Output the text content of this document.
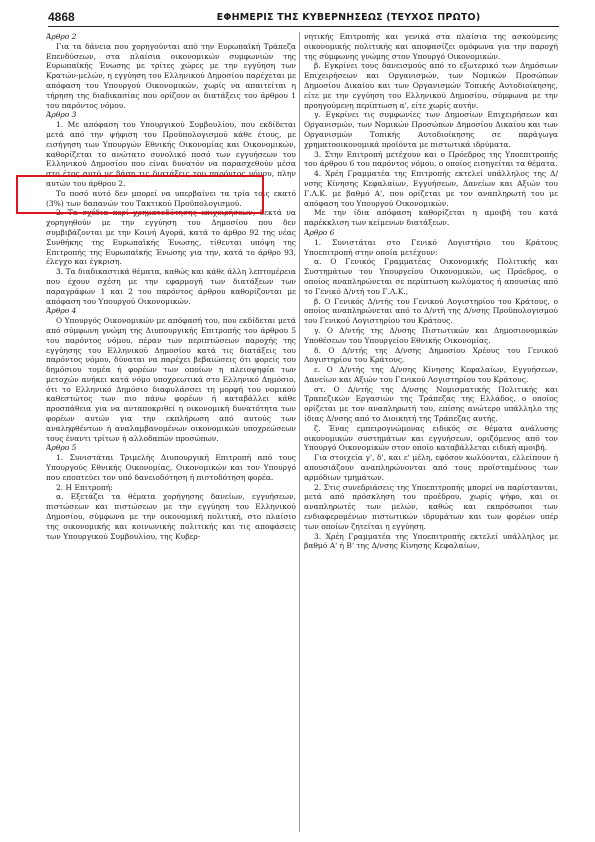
4868	ΕΦΗΜΕΡΙΣ ΤΗΣ ΚΥΒΕΡΝΗΣΕΩΣ (ΤΕΥΧΟΣ ΠΡΩΤΟ)

Άρθρο 2

Για τα δάνεια που χορηγούνται από την Ευρωπαϊκή Τράπεζα Επενδύσεων, στα πλαίσια οικονομικών συμφωνιών της Ευρωπαϊκής Ένωσης με τρίτες χώρες με την εγγύηση των Κρατών-μελών, η εγγύηση του Ελληνικού Δημοσίου παρέχεται με απόφαση του Υπουργού Οικονομικών, χωρίς να απαιτείται η τήρηση της διαδικασίας που ορίζουν οι διατάξεις του άρθρου 1 του παρόντος νόμου.

Άρθρο 3

1. Με απόφαση του Υπουργικού Συμβουλίου, που εκδίδεται μετά από την ψήφιση του Προϋπολογισμού κάθε έτους, με εισήγηση των Υπουργών Εθνικής Οικονομίας και Οικονομικών, καθορίζεται το ανώτατο συνολικό ποσό των εγγυήσεων του Ελληνικού Δημοσίου που είναι δυνατόν να παρασχεθούν μέσα στο έτος αυτό με βάση τις διατάξεις του παρόντος νόμου, πλην αυτών του άρθρου 2.

Το ποσό αυτό δεν μπορεί να υπερβαίνει τα τρία τοις εκατό (3%) των δαπανών του Τακτικού Προϋπολογισμού.

2. Τα σχέδια περί χρηματοδότησης επιχειρήσεων, δεκτά να χορηγηθούν με την εγγύηση του Δημοσίου που δεν συμβιβάζονται με την Κοινή Αγορά, κατά το άρθρο 92 της νέας Συνθήκης της Ευρωπαϊκής Ένωσης, τίθενται υπόψη της Επιτροπής της Ευρωπαϊκής Ένωσης για την, κατά το άρθρο 93, έλεγχο και έγκριση.

3. Τα διαδικαστικά θέματα, καθώς και κάθε άλλη λεπτομέρεια που έχουν σχέση με την εφαρμογή των διατάξεων των παραγράφων 1 και 2 του παρόντος άρθρου καθορίζονται με απόφαση του Υπουργού Οικονομικών.

Άρθρο 4

Ο Υπουργός Οικονομικών με απόφασή του, που εκδίδεται μετά από σύμφωνη γνώμη της Διυπουργικής Επιτροπής του άρθρου 5 του παρόντος νόμου, πέραν των περιπτώσεων παροχής της εγγύησης του Ελληνικού Δημοσίου κατά τις διατάξεις του παρόντος νόμου, δύναται να παρέχει βεβαιώσεις ότι φορείς του δημόσιου τομέα ή φορέων των οποίων η πλειοψηφία των μετοχών ανήκει κατά νόμο υποχρεωτικά στο Ελληνικό Δημόσιο, ότι το Ελληνικό Δημόσιο διαφυλάσσει τη μορφή του νομικού καθεστώτος των πιο πάνω φορέων ή καταβάλλει κάθε προσπάθεια για να ανταποκριθεί η οικονομική δυνατότητα των φορέων αυτών για την εκπλήρωση από αυτούς των αναληφθέντων ή αναλαμβανομένων οικονομικών υποχρεώσεων τους έναντι τρίτων ή αλλοδαπών προσώπων.

Άρθρο 5

1. Συνιστάται Τριμελής Διυπουργική Επιτροπή από τους Υπουργούς Εθνικής Οικονομίας, Οικονομικών και τον Υπουργό που εποπτεύει τον υπό δανειοδότηση ή πιστοδότηση φορέα.

2. Η Επιτροπή:

α. Εξετάζει τα θέματα χορήγησης δανείων, εγγυήσεων, πιστώσεων και πιστώσεων με την εγγύηση του Ελληνικού Δημοσίου, σύμφωνα με την οικονομική πολιτική, στο πλαίσιο της οικονομικής και κοινωνικής πολιτικής και τις αποφάσεις των Υπουργικού Συμβουλίου, της Κυβερ-

νητικής Επιτροπής και γενικά στα πλαίσια της ασκούμενης οικονομικής πολιτικής και αποφασίζει ομόφωνα για την παροχή της σύμφωνης γνώμης στον Υπουργό Οικονομικών.

β. Εγκρίνει τους δανεισμούς από το εξωτερικό των Δημόσιων Επιχειρήσεων και Οργανισμών, των Νομικών Προσώπων Δημοσίου Δικαίου και των Οργανισμών Τοπικής Αυτοδιοίκησης, είτε με την εγγύηση του Ελληνικού Δημοσίου, σύμφωνα με την προηγούμενη περίπτωση α', είτε χωρίς αυτήν.

γ. Εγκρίνει τις συμφωνίες των Δημοσίων Επιχειρήσεων και Οργανισμών, των Νομικών Προσώπων Δημοσίου Δικαίου και των Οργανισμών Τοπικής Αυτοδιοίκησης σε παράγωγα χρηματοοικονομικά προϊόντα με πιστωτικά ιδρύματα.

3. Στην Επιτροπή μετέχουν και ο Πρόεδρος της Υποεπιτροπής του άρθρου 6 του παρόντος νόμου, ο οποίος εισηγείται τα θέματα.

4. Χρέη Γραμματέα της Επιτροπής εκτελεί υπάλληλος της Δ/νσης Κίνησης Κεφαλαίων, Εγγυήσεων, Δανείων και Αξιών του Γ.Λ.Κ. με βαθμό Α', που ορίζεται με τον αναπληρωτή του με απόφαση του Υπουργού Οικονομικών.

Με την ίδια απόφαση καθορίζεται η αμοιβή του κατά παρέκκλιση των κείμενων διατάξεων.

Άρθρο 6

1. Συνιστάται στο Γενικό Λογιστήριο του Κράτους Υποεπιτροπή στην οποία μετέχουν:

α. Ο Γενικός Γραμματέας Οικονομικής Πολιτικής και Συστημάτων του Υπουργείου Οικονομικών, ως Πρόεδρος, ο οποίος αναπληρώνεται σε περίπτωση κωλύματος ή απουσίας από το Γενικό Δ/ντή του Γ.Λ.Κ.,

β. Ο Γενικός Δ/ντής του Γενικού Λογιστηρίου του Κράτους, ο οποίος αναπληρώνεται από το Δ/ντή της Δ/νσης Προϋπολογισμού του Γενικού Λογιστηρίου του Κράτους.

γ. Ο Δ/ντής της Δ/νσης Πιστωτικών και Δημοσιονομικών Υποθέσεων του Υπουργείου Εθνικής Οικονομίας.

δ. Ο Δ/ντής της Δ/νσης Δημοσίου Χρέους του Γενικού Λογιστηρίου του Κράτους.

ε. Ο Δ/ντής της Δ/νσης Κίνησης Κεφαλαίων, Εγγυήσεων, Δανείων και Αξιών του Γενικού Λογιστηρίου του Κράτους.

στ. Ο Δ/ντής της Δ/νσης Νομισματικής Πολιτικής και Τραπεζικών Εργασιών της Τράπεζας της Ελλάδος, ο οποίος ορίζεται με τον αναπληρωτή του, επίσης ανώτερο υπάλληλο της ίδιας Δ/νσης από το Διοικητή της Τράπεζας αυτής.

ζ. Ένας εμπειρογνώμονας ειδικός σε θέματα ανάλυσης οικονομικών συστημάτων και εγγυήσεων, οριζόμενος από τον Υπουργό Οικονομικών στον οποίο καταβάλλεται ειδική αμοιβή.

Για στοιχεία γ', δ', και ε' μέλη, εφόσον κωλύονται, ελλείπουν ή απουσιάζουν αναπληρώνονται από τους προϊσταμένους των αρμόδιων τμημάτων.

2. Στις συνεδριάσεις της Υποεπιτροπής μπορεί να παρίστανται, μετά από πρόσκληση του προέδρου, χωρίς ψήφο, και οι αναπληρωτές των μελών, καθώς και εκπρόσωποι των ενδιαφερομένων πιστωτικών ιδρυμάτων και των φορέων υπέρ των οποίων ζητείται η εγγύηση.

3. Χρέη Γραμματέα της Υποεπιτροπής εκτελεί υπάλληλος με βαθμό Α' ή Β' της Δ/νσης Κίνησης Κεφαλαίων,
